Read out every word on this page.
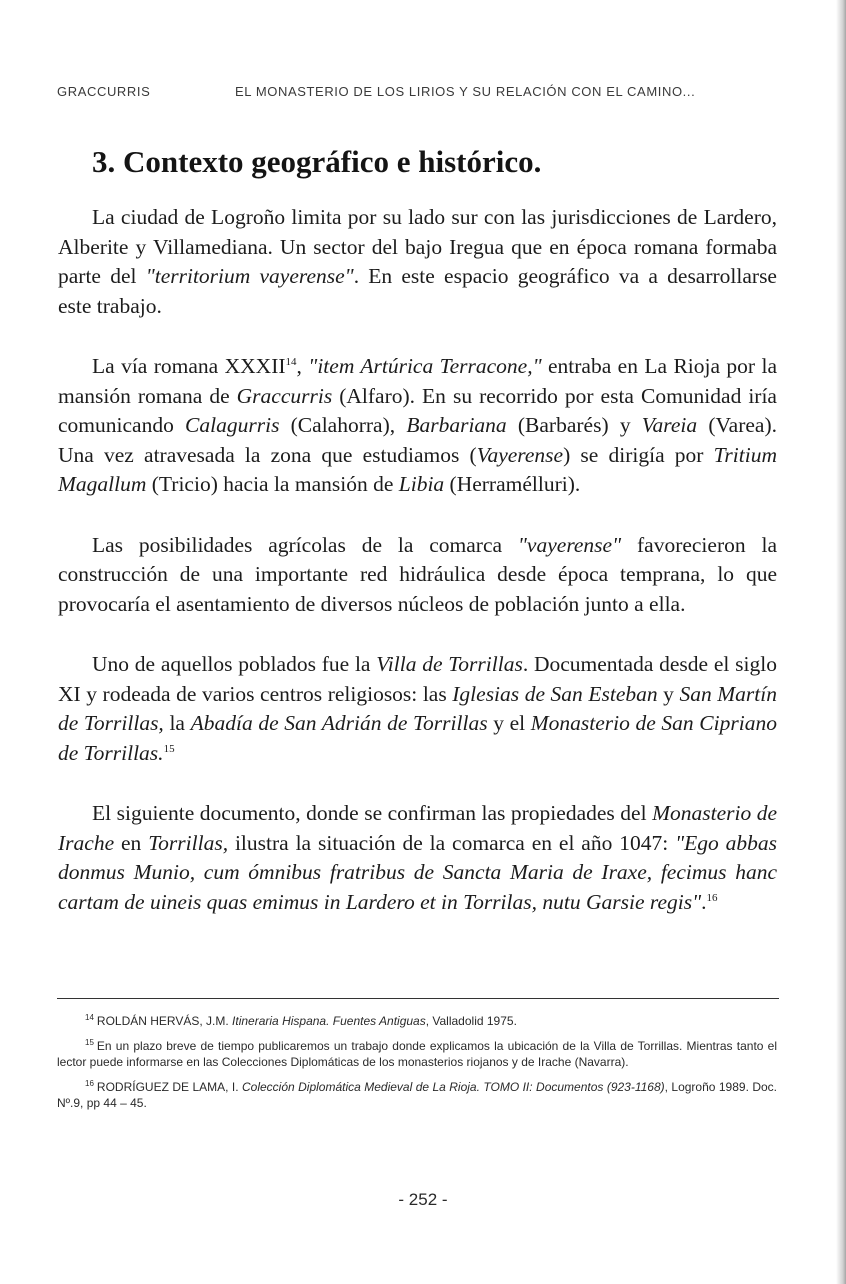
GRACCURRIS	EL MONASTERIO DE LOS LIRIOS Y SU RELACIÓN CON EL CAMINO...
3. Contexto geográfico e histórico.

La ciudad de Logroño limita por su lado sur con las jurisdicciones de Lardero, Alberite y Villamediana. Un sector del bajo Iregua que en época romana formaba parte del "territorium vayerense". En este espacio geográfico va a desarrollarse este trabajo.

La vía romana XXXII$^{14}$, "item Artúrica Terracone," entraba en La Rioja por la mansión romana de Graccurris (Alfaro). En su recorrido por esta Comunidad iría comunicando Calagurris (Calahorra), Barbariana (Barbarés) y Vareia (Varea). Una vez atravesada la zona que estudiamos (Vayerense) se dirigía por Tritium Magallum (Tricio) hacia la mansión de Libia (Herramélluri).

Las posibilidades agrícolas de la comarca "vayerense" favorecieron la construcción de una importante red hidráulica desde época temprana, lo que provocaría el asentamiento de diversos núcleos de población junto a ella.

Uno de aquellos poblados fue la Villa de Torrillas. Documentada desde el siglo XI y rodeada de varios centros religiosos: las Iglesias de San Esteban y San Martín de Torrillas, la Abadía de San Adrián de Torrillas y el Monasterio de San Cipriano de Torrillas.$^{15}$

El siguiente documento, donde se confirman las propiedades del Monasterio de Irache en Torrillas, ilustra la situación de la comarca en el año 1047: "Ego abbas donmus Munio, cum ómnibus fratribus de Sancta Maria de Iraxe, fecimus hanc cartam de uineis quas emimus in Lardero et in Torrilas, nutu Garsie regis".$^{16}$

$^{14}$ ROLDÁN HERVÁS, J.M. Itineraria Hispana. Fuentes Antiguas, Valladolid 1975.

$^{15}$ En un plazo breve de tiempo publicaremos un trabajo donde explicamos la ubicación de la Villa de Torrillas. Mientras tanto el lector puede informarse en las Colecciones Diplomáticas de los monasterios riojanos y de Irache (Navarra).

$^{16}$ RODRÍGUEZ DE LAMA, I. Colección Diplomática Medieval de La Rioja. TOMO II: Documentos (923-1168), Logroño 1989. Doc. Nº.9, pp 44 – 45.

- 252 -
